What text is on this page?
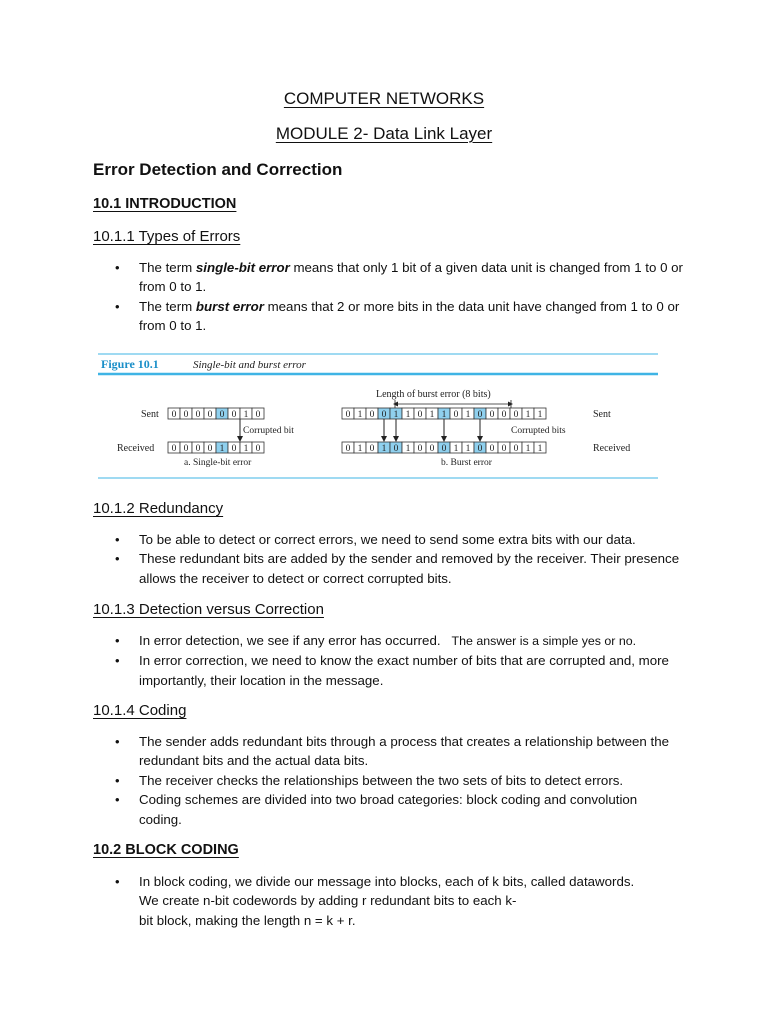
COMPUTER NETWORKS
MODULE 2- Data Link Layer
Error Detection and Correction
10.1 INTRODUCTION
10.1.1 Types of Errors
• The term single-bit error means that only 1 bit of a given data unit is changed from 1 to 0 or from 0 to 1.
• The term burst error means that 2 or more bits in the data unit have changed from 1 to 0 or from 0 to 1.
Figure 10.1	Single-bit and burst error
Sent 0 0 0 0 0 0 1 0
Corrupted bit
Received 0 0 0 0 1 0 1 0
a. Single-bit error
Length of burst error (8 bits)
0 1 0 0 1 1 0 1 1 0 1 0 0 0 0 1 1	Sent
Corrupted bits
0 1 0 1 0 1 0 0 0 1 1 0 0 0 0 1 1	Received
b. Burst error
10.1.2 Redundancy
• To be able to detect or correct errors, we need to send some extra bits with our data.
• These redundant bits are added by the sender and removed by the receiver. Their presence allows the receiver to detect or correct corrupted bits.
10.1.3 Detection versus Correction
• In error detection, we see if any error has occurred. The answer is a simple yes or no.
• In error correction, we need to know the exact number of bits that are corrupted and, more importantly, their location in the message.
10.1.4 Coding
• The sender adds redundant bits through a process that creates a relationship between the redundant bits and the actual data bits.
• The receiver checks the relationships between the two sets of bits to detect errors.
• Coding schemes are divided into two broad categories: block coding and convolution coding.
10.2 BLOCK CODING
• In block coding, we divide our message into blocks, each of k bits, called datawords.
We create n-bit codewords by adding r redundant bits to each k-
bit block, making the length n = k + r.
